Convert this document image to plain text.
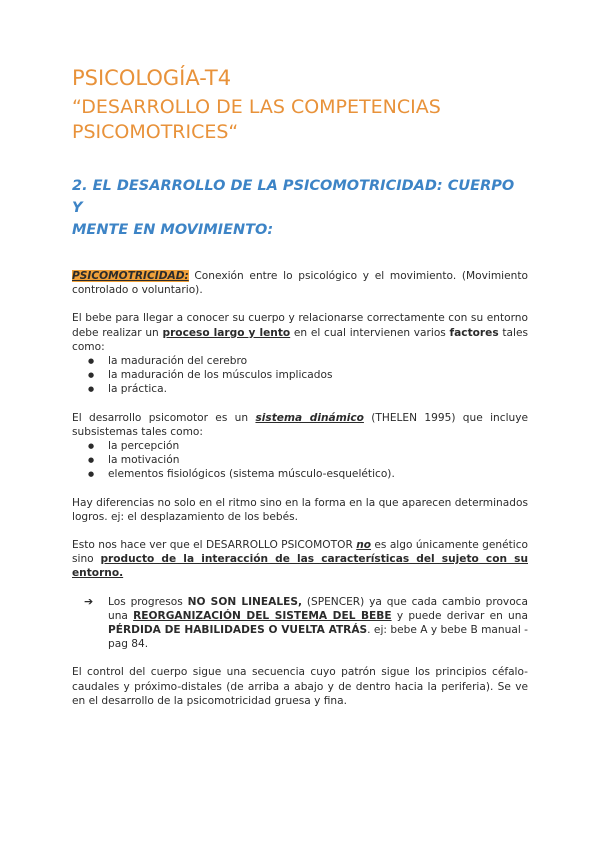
PSICOLOGÍA-T4
“DESARROLLO DE LAS COMPETENCIAS
PSICOMOTRICES“
2. EL DESARROLLO DE LA PSICOMOTRICIDAD: CUERPO Y
MENTE EN MOVIMIENTO:

PSICOMOTRICIDAD: Conexión entre lo psicológico y el movimiento. (Movimiento controlado o voluntario).

El bebe para llegar a conocer su cuerpo y relacionarse correctamente con su entorno debe realizar un proceso largo y lento en el cual intervienen varios factores tales como:

● la maduración del cerebro
● la maduración de los músculos implicados
● la práctica.

El desarrollo psicomotor es un sistema dinámico (THELEN 1995) que incluye subsistemas tales como:

● la percepción
● la motivación
● elementos fisiológicos (sistema músculo-esquelético).

Hay diferencias no solo en el ritmo sino en la forma en la que aparecen determinados logros. ej: el desplazamiento de los bebés.

Esto nos hace ver que el DESARROLLO PSICOMOTOR no es algo únicamente genético sino producto de la interacción de las características del sujeto con su entorno.

➔ Los progresos NO SON LINEALES, (SPENCER) ya que cada cambio provoca una REORGANIZACIÓN DEL SISTEMA DEL BEBE y puede derivar en una PÉRDIDA DE HABILIDADES O VUELTA ATRÁS. ej: bebe A y bebe B manual - pag 84.

El control del cuerpo sigue una secuencia cuyo patrón sigue los principios céfalo-caudales y próximo-distales (de arriba a abajo y de dentro hacia la periferia). Se ve en el desarrollo de la psicomotricidad gruesa y fina.
